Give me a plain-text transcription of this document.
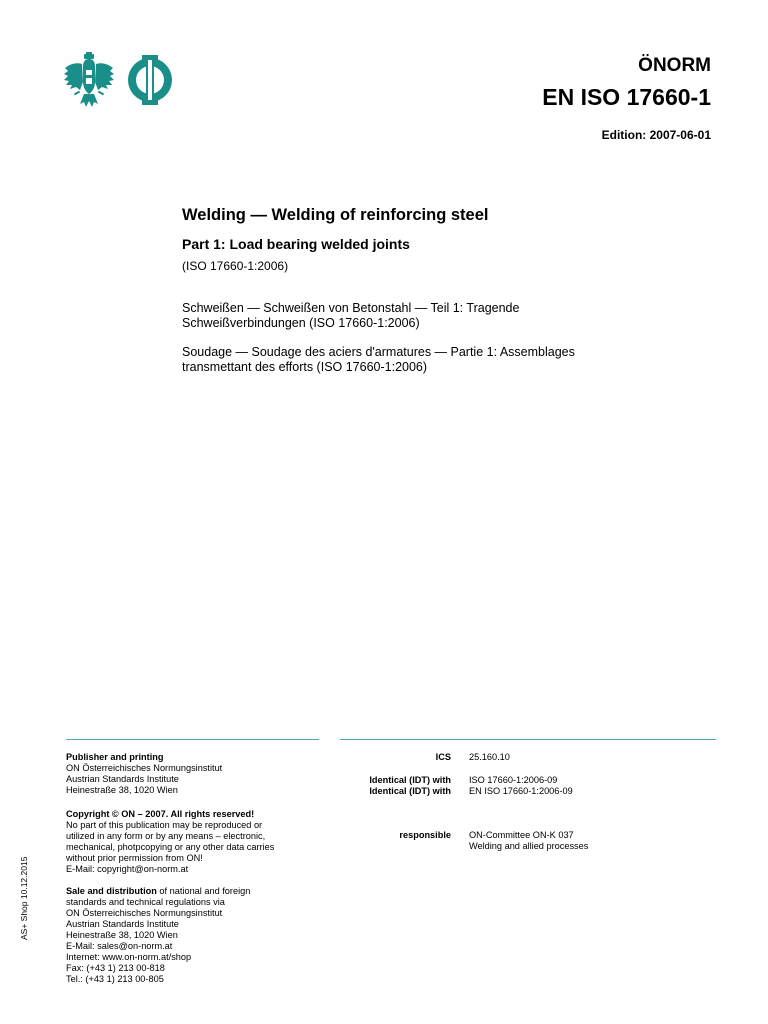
ÖNORM
EN ISO 17660-1
Edition: 2007-06-01
Welding — Welding of reinforcing steel
Part 1: Load bearing welded joints
(ISO 17660-1:2006)
Schweißen — Schweißen von Betonstahl — Teil 1: Tragende Schweißverbindungen (ISO 17660-1:2006)
Soudage — Soudage des aciers d'armatures — Partie 1: Assemblages transmettant des efforts (ISO 17660-1:2006)
Publisher and printing
ON Österreichisches Normungsinstitut
Austrian Standards Institute
Heinestraße 38, 1020 Wien
Copyright © ON – 2007. All rights reserved!
No part of this publication may be reproduced or
utilized in any form or by any means – electronic,
mechanical, photpcopying or any other data carries
without prior permission from ON!
E-Mail: copyright@on-norm.at
Sale and distribution of national and foreign
standards and technical regulations via
ON Österreichisches Normungsinstitut
Austrian Standards Institute
Heinestraße 38, 1020 Wien
E-Mail: sales@on-norm.at
Internet: www.on-norm.at/shop
Fax: (+43 1) 213 00-818
Tel.: (+43 1) 213 00-805
ICS 25.160.10
Identical (IDT) with ISO 17660-1:2006-09
Identical (IDT) with EN ISO 17660-1:2006-09
responsible ON-Committee ON-K 037
Welding and allied processes
AS+ Shop 10.12.2015
